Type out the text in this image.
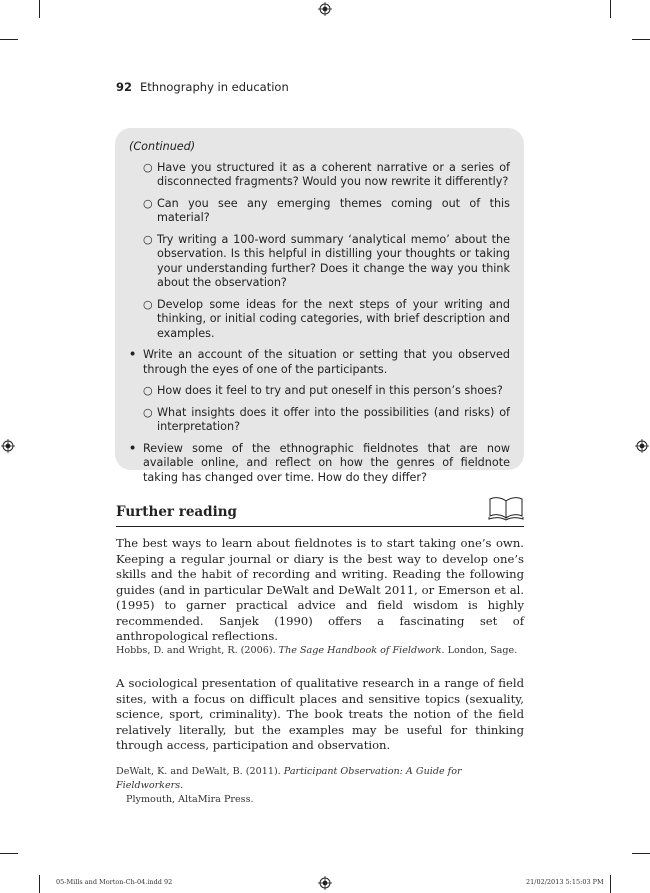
92 Ethnography in education
(Continued)
○ Have you structured it as a coherent narrative or a series of disconnected fragments? Would you now rewrite it differently?
○ Can you see any emerging themes coming out of this material?
○ Try writing a 100-word summary ‘analytical memo’ about the observation. Is this helpful in distilling your thoughts or taking your understanding further? Does it change the way you think about the observation?
○ Develop some ideas for the next steps of your writing and thinking, or initial coding categories, with brief description and examples.
• Write an account of the situation or setting that you observed through the eyes of one of the participants.
○ How does it feel to try and put oneself in this person’s shoes?
○ What insights does it offer into the possibilities (and risks) of interpretation?
• Review some of the ethnographic fieldnotes that are now available online, and reflect on how the genres of fieldnote taking has changed over time. How do they differ?
Further reading
The best ways to learn about fieldnotes is to start taking one’s own. Keeping a regular journal or diary is the best way to develop one’s skills and the habit of recording and writing. Reading the following guides (and in particular DeWalt and DeWalt 2011, or Emerson et al. (1995) to garner practical advice and field wisdom is highly recommended. Sanjek (1990) offers a fascinating set of anthropological reflections.
Hobbs, D. and Wright, R. (2006). The Sage Handbook of Fieldwork. London, Sage.
A sociological presentation of qualitative research in a range of field sites, with a focus on difficult places and sensitive topics (sexuality, science, sport, criminality). The book treats the notion of the field relatively literally, but the examples may be useful for thinking through access, participation and observation.
DeWalt, K. and DeWalt, B. (2011). Participant Observation: A Guide for Fieldworkers.
Plymouth, AltaMira Press.
05-Mills and Morton-Ch-04.indd 92	21/02/2013 5:15:03 PM
